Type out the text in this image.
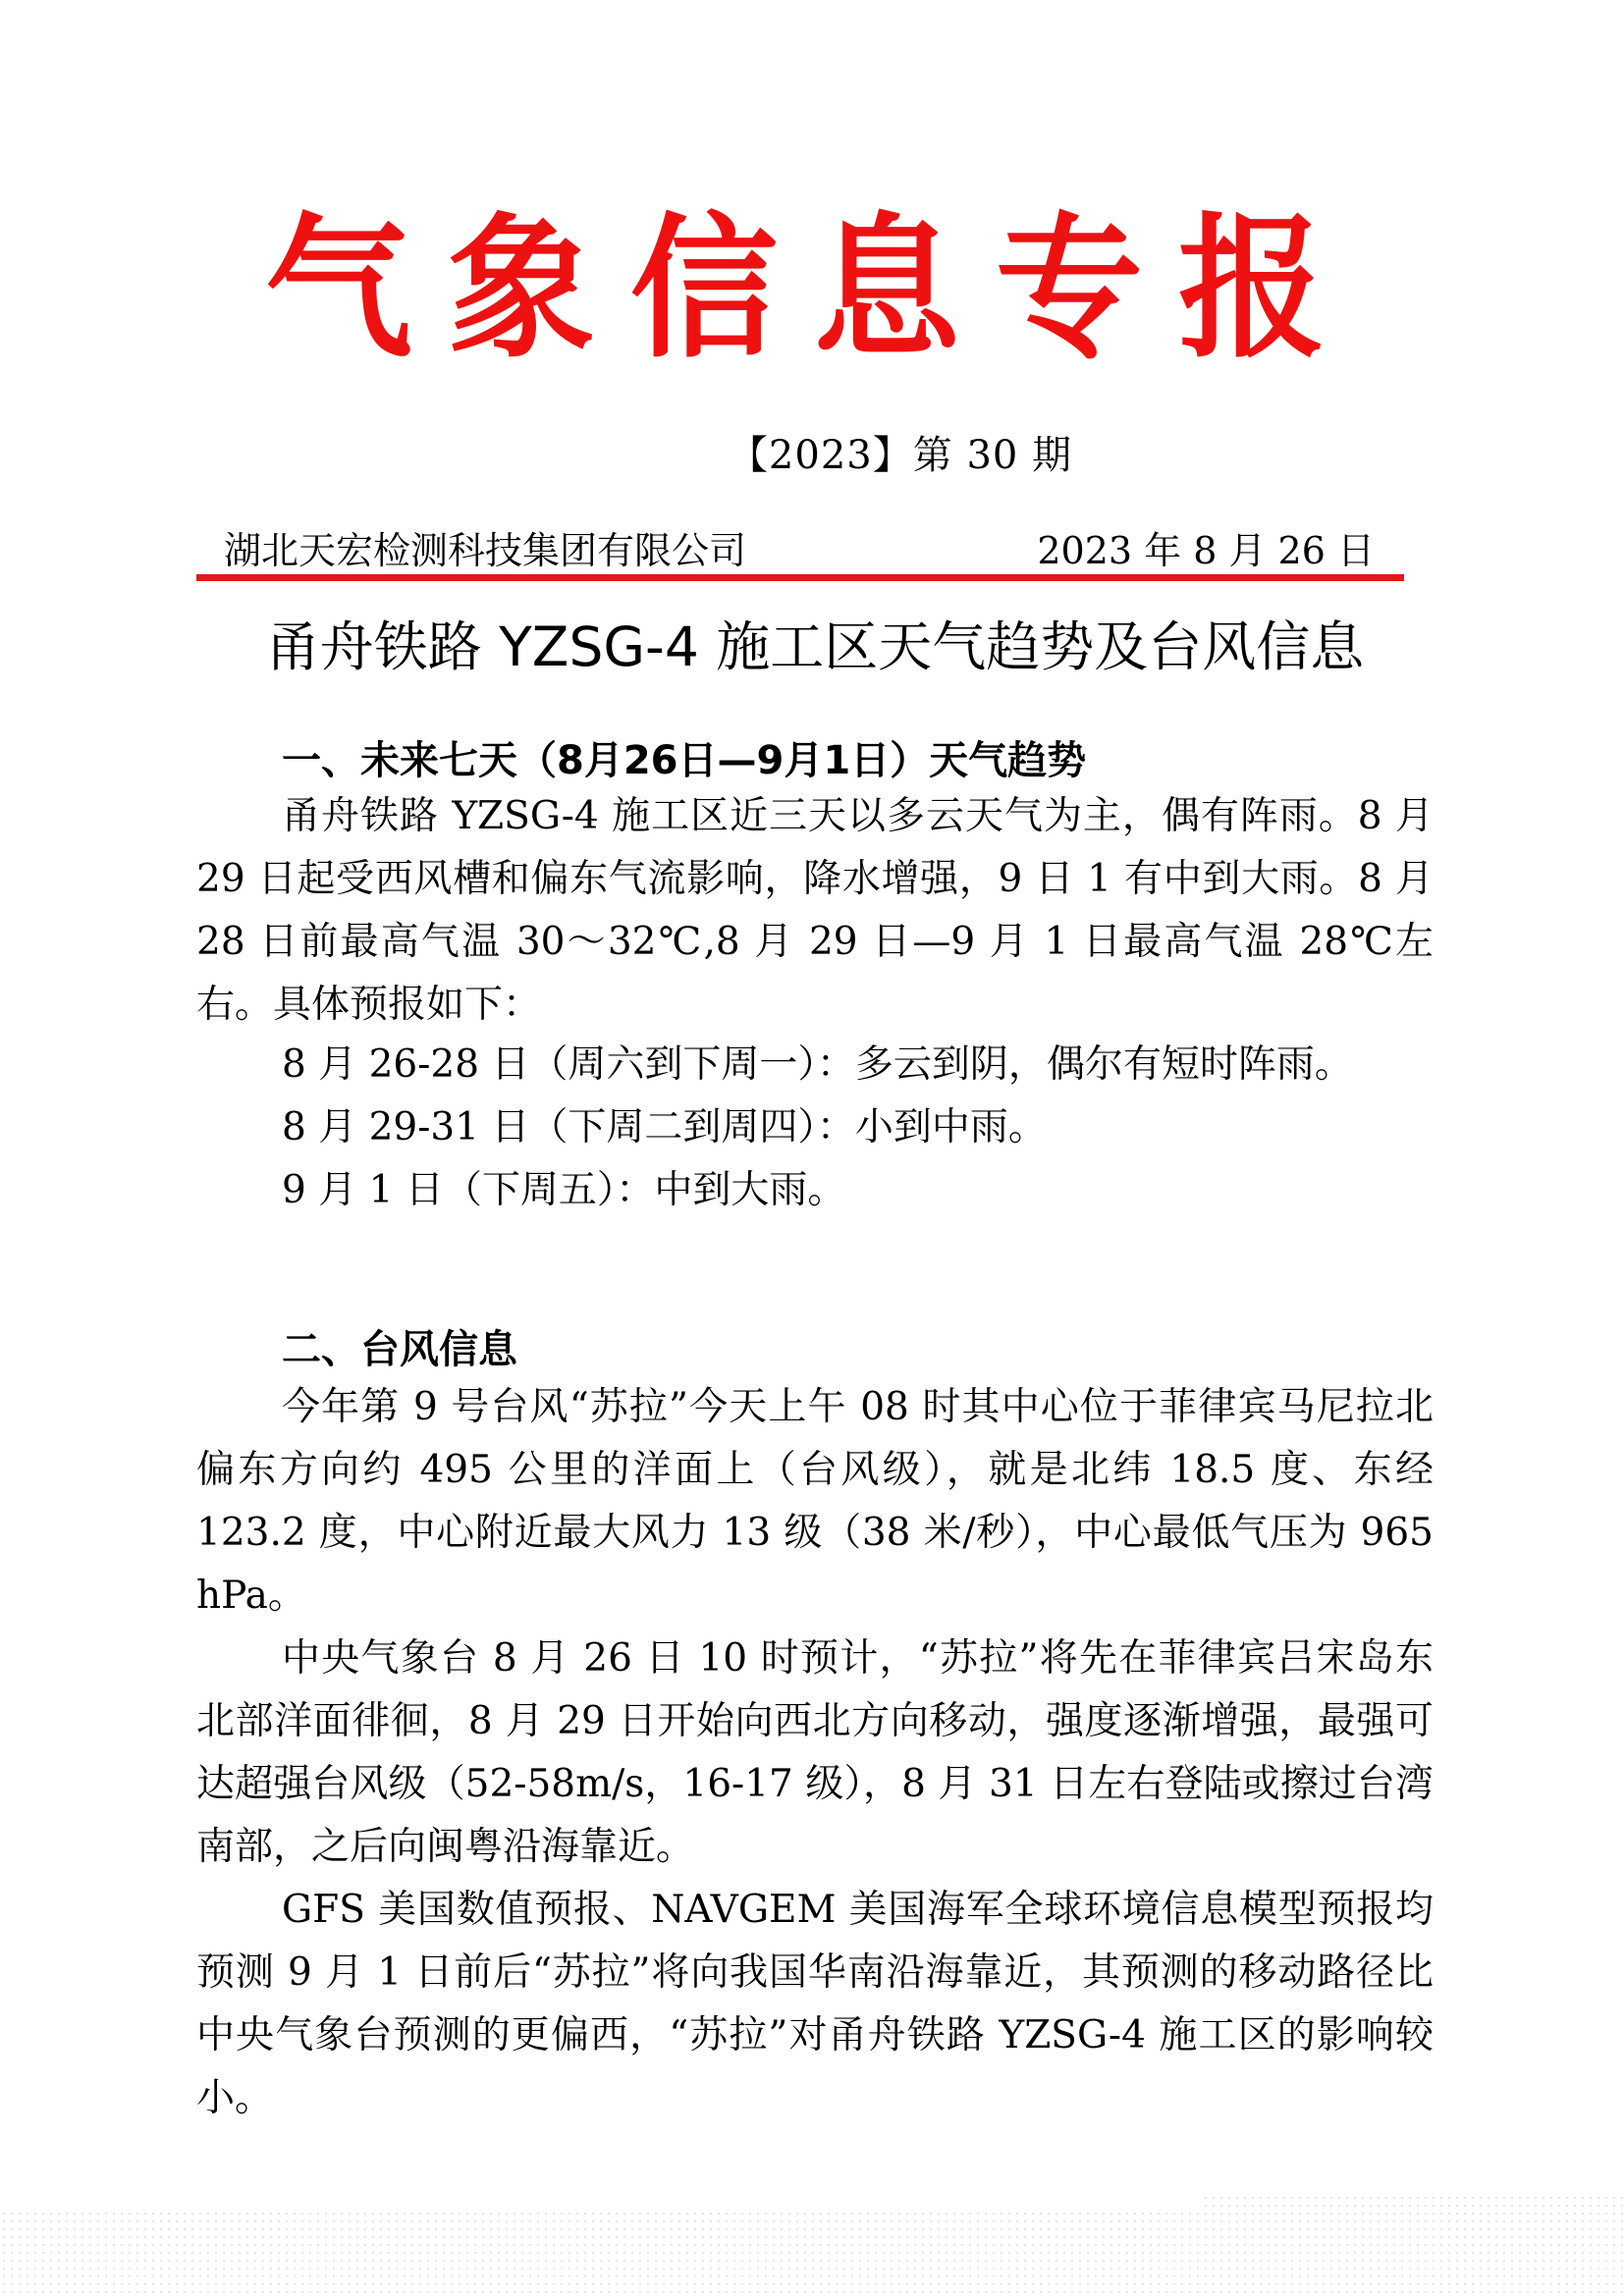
气 象 信 息 专 报
【2023】第 30 期
湖北天宏检测科技集团有限公司	2023 年 8 月 26 日
甬舟铁路 YZSG-4 施工区天气趋势及台风信息
一、未来七天（8月26日—9月1日）天气趋势

甬舟铁路 YZSG-4 施工区近三天以多云天气为主，偶有阵雨。8 月 29 日起受西风槽和偏东气流影响，降水增强，9 日 1 有中到大雨。8 月 28 日前最高气温 30～32℃,8 月 29 日—9 月 1 日最高气温 28℃左右。具体预报如下：

8 月 26-28 日（周六到下周一）：多云到阴，偶尔有短时阵雨。
8 月 29-31 日（下周二到周四）：小到中雨。
9 月 1 日（下周五）：中到大雨。
二、台风信息

今年第 9 号台风“苏拉”今天上午 08 时其中心位于菲律宾马尼拉北偏东方向约 495 公里的洋面上（台风级），就是北纬 18.5 度、东经 123.2 度，中心附近最大风力 13 级（38 米/秒），中心最低气压为 965 hPa。

中央气象台 8 月 26 日 10 时预计，“苏拉”将先在菲律宾吕宋岛东北部洋面徘徊，8 月 29 日开始向西北方向移动，强度逐渐增强，最强可达超强台风级（52-58m/s，16-17 级），8 月 31 日左右登陆或擦过台湾南部，之后向闽粤沿海靠近。

GFS 美国数值预报、NAVGEM 美国海军全球环境信息模型预报均预测 9 月 1 日前后“苏拉”将向我国华南沿海靠近，其预测的移动路径比中央气象台预测的更偏西，“苏拉”对甬舟铁路 YZSG-4 施工区的影响较小。
